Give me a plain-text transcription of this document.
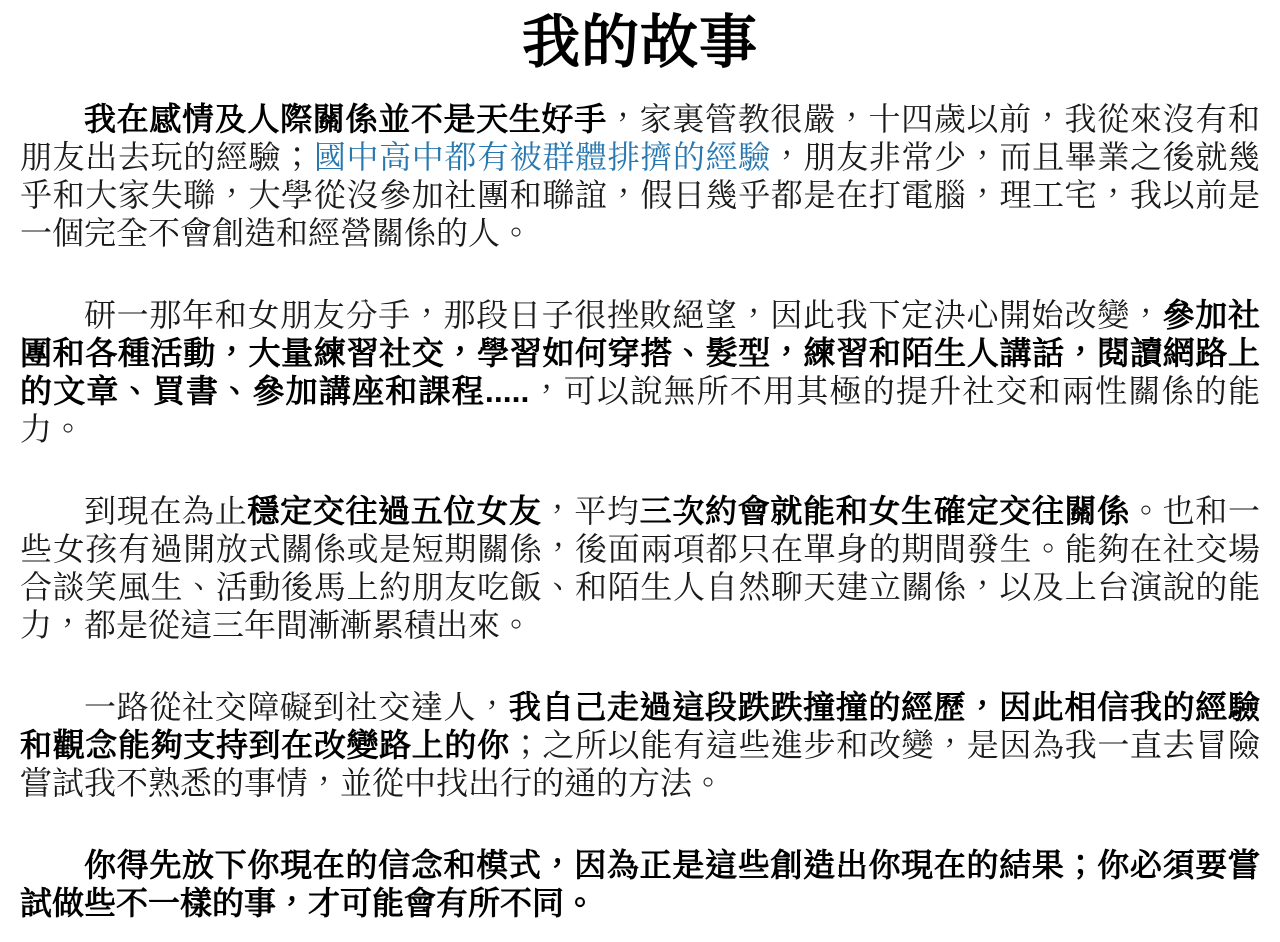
我的故事

我在感情及人際關係並不是天生好手，家裏管教很嚴，十四歲以前，我從來沒有和朋友出去玩的經驗；國中高中都有被群體排擠的經驗，朋友非常少，而且畢業之後就幾乎和大家失聯，大學從沒參加社團和聯誼，假日幾乎都是在打電腦，理工宅，我以前是一個完全不會創造和經營關係的人。

研一那年和女朋友分手，那段日子很挫敗絕望，因此我下定決心開始改變，參加社團和各種活動，大量練習社交，學習如何穿搭、髮型，練習和陌生人講話，閱讀網路上的文章、買書、參加講座和課程.....，可以說無所不用其極的提升社交和兩性關係的能力。

到現在為止穩定交往過五位女友，平均三次約會就能和女生確定交往關係。也和一些女孩有過開放式關係或是短期關係，後面兩項都只在單身的期間發生。能夠在社交場合談笑風生、活動後馬上約朋友吃飯、和陌生人自然聊天建立關係，以及上台演說的能力，都是從這三年間漸漸累積出來。

一路從社交障礙到社交達人，我自己走過這段跌跌撞撞的經歷，因此相信我的經驗和觀念能夠支持到在改變路上的你；之所以能有這些進步和改變，是因為我一直去冒險嘗試我不熟悉的事情，並從中找出行的通的方法。

你得先放下你現在的信念和模式，因為正是這些創造出你現在的結果；你必須要嘗試做些不一樣的事，才可能會有所不同。
